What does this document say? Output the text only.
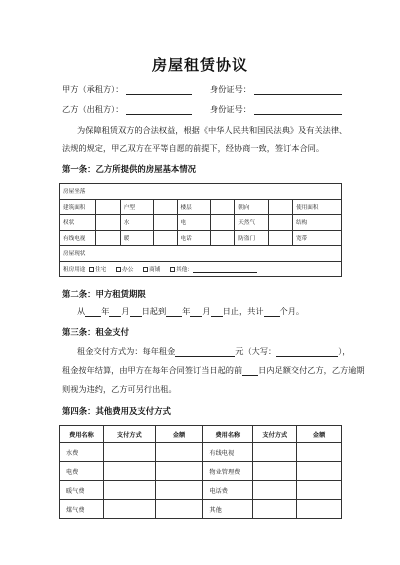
房屋租赁协议
甲方（承租方）：	身份证号：
乙方（出租方）：	身份证号：
为保障租赁双方的合法权益，根据《中华人民共和国民法典》及有关法律、
法规的规定，甲乙双方在平等自愿的前提下，经协商一致，签订本合同。
第一条：乙方所提供的房屋基本情况
房屋坐落								
建筑面积		户型		楼层		朝向		使用面积
权状		水		电		天然气		结构
有线电视		暖		电话		防盗门		宽带
房屋现状								
租房用途 住宅 办公 商铺 其他：								
第二条：甲方租赁期限
从 年 月 日起到 年 月 日止，共计 个月。
第三条：租金支付
租金交付方式为：每年租金	元（大写：	），
租金按年结算，由甲方在每年合同签订当日起的前 日内足额交付乙方，乙方逾期
则视为违约，乙方可另行出租。
第四条：其他费用及支付方式
费用名称	支付方式	金额	费用名称	支付方式	金额
水费			有线电视		
电费			物业管理费		
暖气费			电话费		
煤气费			其他		
